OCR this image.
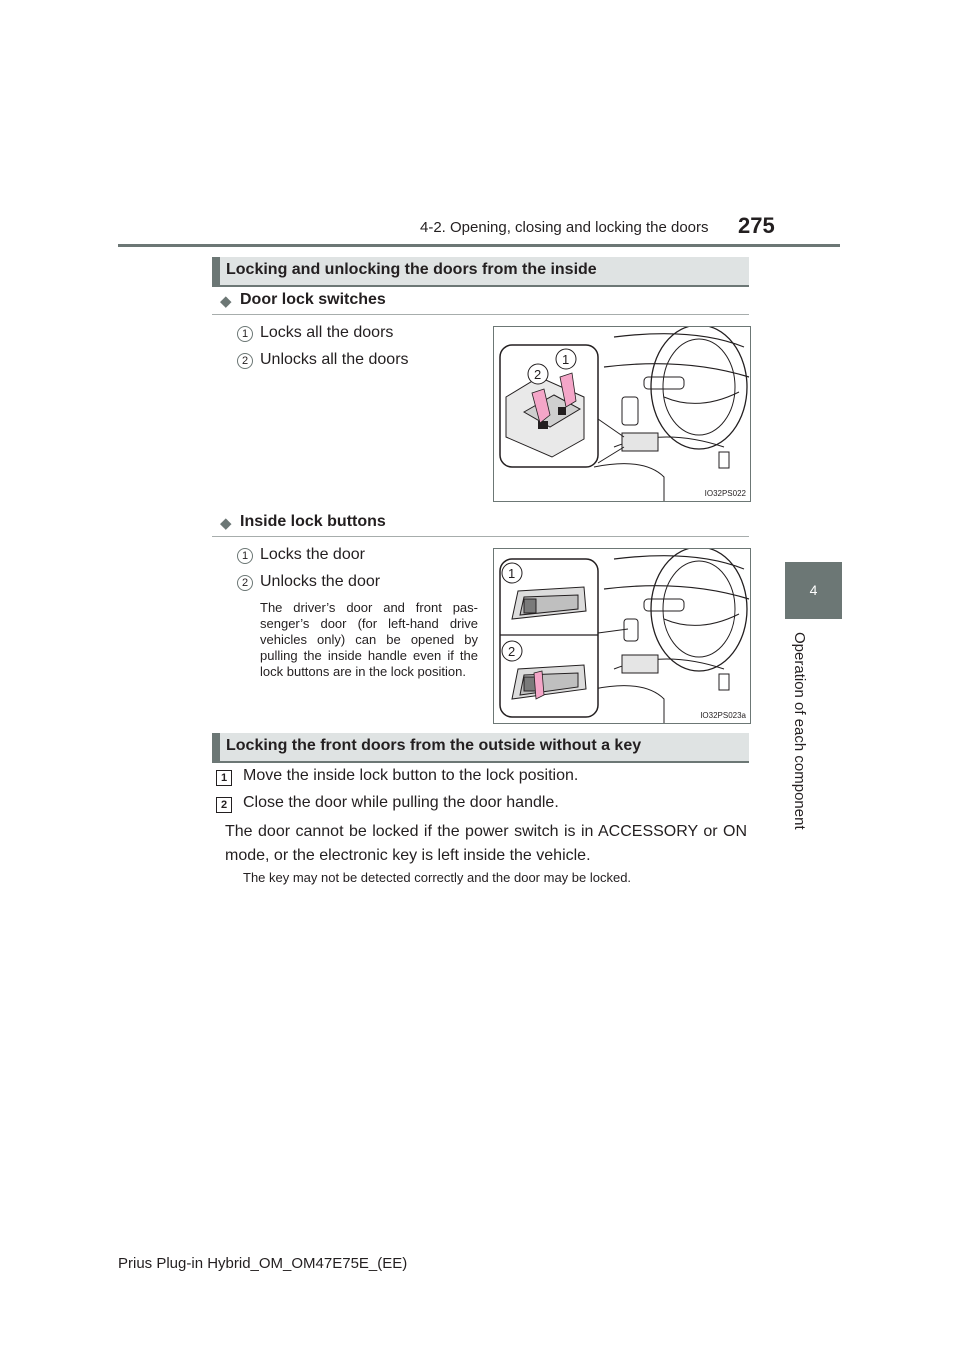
4-2. Opening, closing and locking the doors 275
4
Operation of each component
Locking and unlocking the doors from the inside
◆ Door lock switches
1 Locks all the doors
2 Unlocks all the doors
2
1
IO32PS022
◆ Inside lock buttons
1 Locks the door
2 Unlocks the door
The driver’s door and front pas-senger’s door (for left-hand drive vehicles only) can be opened by pulling the inside handle even if the lock buttons are in the lock position.
1
2
IO32PS023a
Locking the front doors from the outside without a key
1 Move the inside lock button to the lock position.
2 Close the door while pulling the door handle.
The door cannot be locked if the power switch is in ACCESSORY or ON mode, or the electronic key is left inside the vehicle.
The key may not be detected correctly and the door may be locked.
Prius Plug-in Hybrid_OM_OM47E75E_(EE)
